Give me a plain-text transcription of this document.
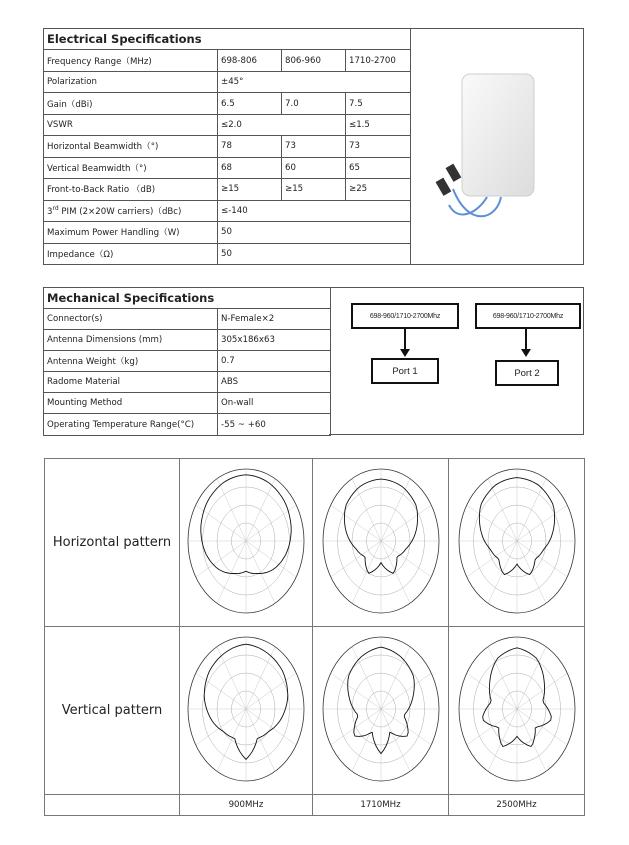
Electrical Specifications			
Frequency Range（MHz)	698-806	806-960	1710-2700
Polarization	±45°		
Gain（dBi)	6.5	7.0	7.5
VSWR	≤2.0		≤1.5
Horizontal Beamwidth（°)	78	73	73
Vertical Beamwidth（°)	68	60	65
Front-to-Back Ratio （dB)	≥15	≥15	≥25
3rd PIM (2×20W carriers)（dBc)	≤-140		
Maximum Power Handling（W)	50		
Impedance（Ω)	50		
Mechanical Specifications	
Connector(s)	N-Female×2
Antenna Dimensions (mm)	305x186x63
Antenna Weight（kg)	0.7
Radome Material	ABS
Mounting Method	On-wall
Operating Temperature Range(°C)	-55 ~ +60
698-960/1710-2700Mhz
Port 1
698-960/1710-2700Mhz
Port 2
Horizontal pattern	

Vertical pattern	

	900MHz	1710MHz	2500MHz
